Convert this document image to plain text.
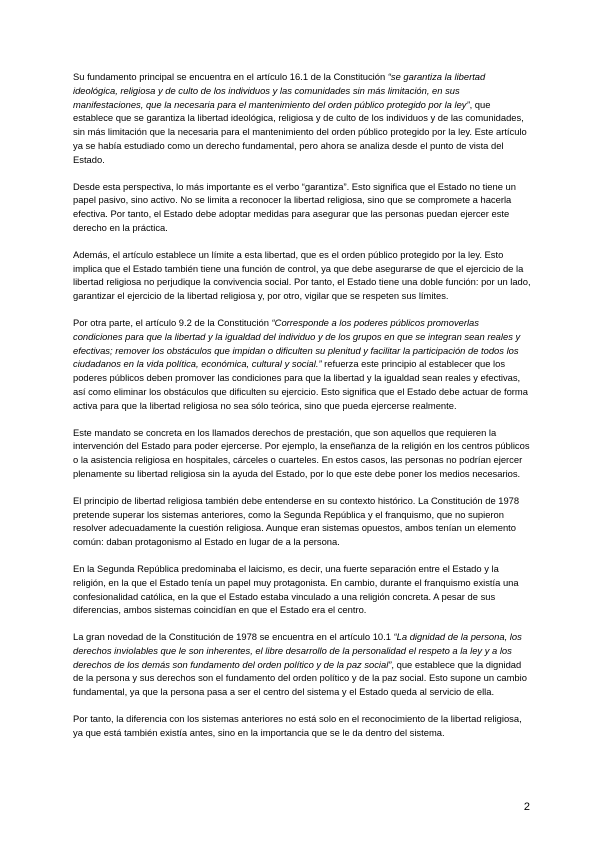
Su fundamento principal se encuentra en el artículo 16.1 de la Constitución “se garantiza la libertad ideológica, religiosa y de culto de los individuos y las comunidades sin más limitación, en sus manifestaciones, que la necesaria para el mantenimiento del orden público protegido por la ley”, que establece que se garantiza la libertad ideológica, religiosa y de culto de los individuos y de las comunidades, sin más limitación que la necesaria para el mantenimiento del orden público protegido por la ley. Este artículo ya se había estudiado como un derecho fundamental, pero ahora se analiza desde el punto de vista del Estado.

Desde esta perspectiva, lo más importante es el verbo “garantiza”. Esto significa que el Estado no tiene un papel pasivo, sino activo. No se limita a reconocer la libertad religiosa, sino que se compromete a hacerla efectiva. Por tanto, el Estado debe adoptar medidas para asegurar que las personas puedan ejercer este derecho en la práctica.

Además, el artículo establece un límite a esta libertad, que es el orden público protegido por la ley. Esto implica que el Estado también tiene una función de control, ya que debe asegurarse de que el ejercicio de la libertad religiosa no perjudique la convivencia social. Por tanto, el Estado tiene una doble función: por un lado, garantizar el ejercicio de la libertad religiosa y, por otro, vigilar que se respeten sus límites.

Por otra parte, el artículo 9.2 de la Constitución “Corresponde a los poderes públicos promoverlas condiciones para que la libertad y la igualdad del individuo y de los grupos en que se integran sean reales y efectivas; remover los obstáculos que impidan o dificulten su plenitud y facilitar la participación de todos los ciudadanos en la vida política, económica, cultural y social.” refuerza este principio al establecer que los poderes públicos deben promover las condiciones para que la libertad y la igualdad sean reales y efectivas, así como eliminar los obstáculos que dificulten su ejercicio. Esto significa que el Estado debe actuar de forma activa para que la libertad religiosa no sea sólo teórica, sino que pueda ejercerse realmente.

Este mandato se concreta en los llamados derechos de prestación, que son aquellos que requieren la intervención del Estado para poder ejercerse. Por ejemplo, la enseñanza de la religión en los centros públicos o la asistencia religiosa en hospitales, cárceles o cuarteles. En estos casos, las personas no podrían ejercer plenamente su libertad religiosa sin la ayuda del Estado, por lo que este debe poner los medios necesarios.

El principio de libertad religiosa también debe entenderse en su contexto histórico. La Constitución de 1978 pretende superar los sistemas anteriores, como la Segunda República y el franquismo, que no supieron resolver adecuadamente la cuestión religiosa. Aunque eran sistemas opuestos, ambos tenían un elemento común: daban protagonismo al Estado en lugar de a la persona.

En la Segunda República predominaba el laicismo, es decir, una fuerte separación entre el Estado y la religión, en la que el Estado tenía un papel muy protagonista. En cambio, durante el franquismo existía una confesionalidad católica, en la que el Estado estaba vinculado a una religión concreta. A pesar de sus diferencias, ambos sistemas coincidían en que el Estado era el centro.

La gran novedad de la Constitución de 1978 se encuentra en el artículo 10.1 “La dignidad de la persona, los derechos inviolables que le son inherentes, el libre desarrollo de la personalidad el respeto a la ley y a los derechos de los demás son fundamento del orden político y de la paz social”, que establece que la dignidad de la persona y sus derechos son el fundamento del orden político y de la paz social. Esto supone un cambio fundamental, ya que la persona pasa a ser el centro del sistema y el Estado queda al servicio de ella.

Por tanto, la diferencia con los sistemas anteriores no está solo en el reconocimiento de la libertad religiosa, ya que está también existía antes, sino en la importancia que se le da dentro del sistema.

2
